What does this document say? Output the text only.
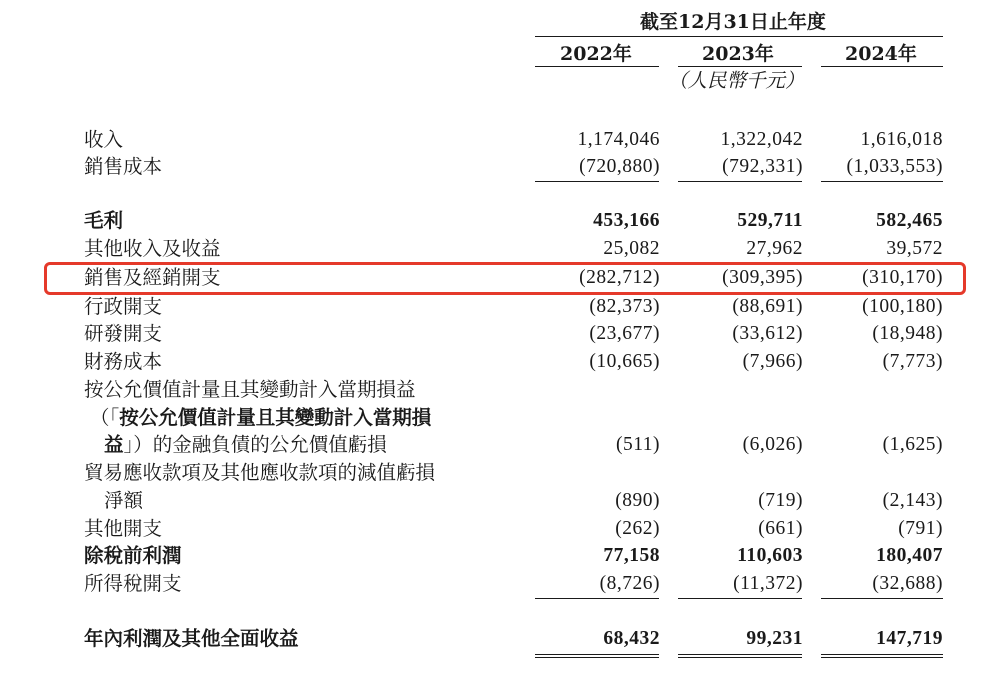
截至12月31日止年度
2022年	2023年	2024年
（人民幣千元）
收入	1,174,046	1,322,042	1,616,018
銷售成本	(720,880)	(792,331) (1,033,553)
毛利	453,166	529,711	582,465
其他收入及收益	25,082	27,962	39,572
銷售及經銷開支	(282,712)	(309,395)	(310,170)
行政開支	(82,373)	(88,691)	(100,180)
研發開支	(23,677)	(33,612)	(18,948)
財務成本	(10,665)	(7,966)	(7,773)
按公允價值計量且其變動計入當期損益
（「按公允價值計量且其變動計入當期損
益」）的金融負債的公允價值虧損	(511)	(6,026)	(1,625)
貿易應收款項及其他應收款項的減值虧損
淨額	(890)	(719)	(2,143)
其他開支	(262)	(661)	(791)
除稅前利潤	77,158	110,603	180,407
所得稅開支	(8,726)	(11,372)	(32,688)
年內利潤及其他全面收益	68,432	99,231	147,719
